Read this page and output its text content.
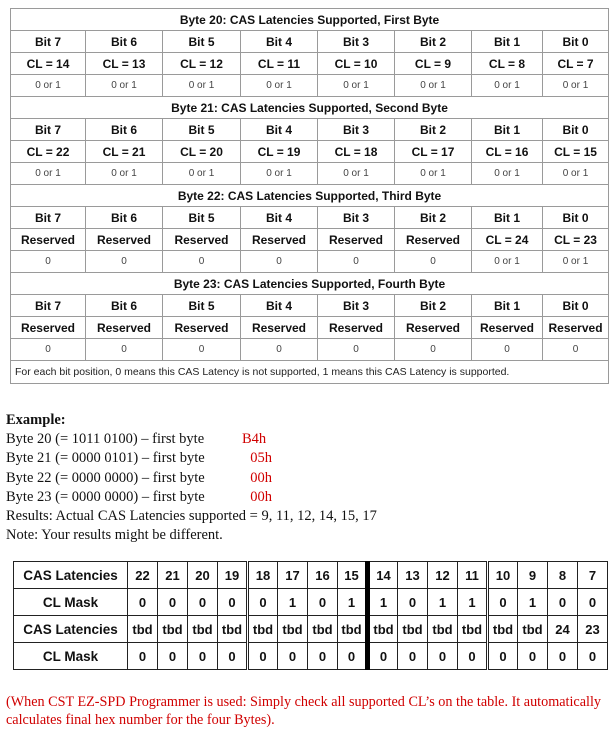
Byte 20: CAS Latencies Supported, First Byte							
Bit 7	Bit 6	Bit 5	Bit 4	Bit 3	Bit 2	Bit 1	Bit 0
CL = 14	CL = 13	CL = 12	CL = 11	CL = 10	CL = 9	CL = 8	CL = 7
0 or 1	0 or 1	0 or 1	0 or 1	0 or 1	0 or 1	0 or 1	0 or 1
Byte 21: CAS Latencies Supported, Second Byte							
Bit 7	Bit 6	Bit 5	Bit 4	Bit 3	Bit 2	Bit 1	Bit 0
CL = 22	CL = 21	CL = 20	CL = 19	CL = 18	CL = 17	CL = 16	CL = 15
0 or 1	0 or 1	0 or 1	0 or 1	0 or 1	0 or 1	0 or 1	0 or 1
Byte 22: CAS Latencies Supported, Third Byte							
Bit 7	Bit 6	Bit 5	Bit 4	Bit 3	Bit 2	Bit 1	Bit 0
Reserved	Reserved	Reserved	Reserved	Reserved	Reserved	CL = 24	CL = 23
0	0	0	0	0	0	0 or 1	0 or 1
Byte 23: CAS Latencies Supported, Fourth Byte							
Bit 7	Bit 6	Bit 5	Bit 4	Bit 3	Bit 2	Bit 1	Bit 0
Reserved	Reserved	Reserved	Reserved	Reserved	Reserved	Reserved	Reserved
0	0	0	0	0	0	0	0
For each bit position, 0 means this CAS Latency is not supported, 1 means this CAS Latency is supported.							
Example:
Byte 20 (= 1011 0100) – first byte	B4h
Byte 21 (= 0000 0101) – first byte	05h
Byte 22 (= 0000 0000) – first byte	00h
Byte 23 (= 0000 0000) – first byte	00h
Results: Actual CAS Latencies supported = 9, 11, 12, 14, 15, 17
Note: Your results might be different.
CAS Latencies	22	21	20	19	18	17	16	15	14	13	12	11	10	9	8	7
CL Mask	0	0	0	0	0	1	0	1	1	0	1	1	0	1	0	0
CAS Latencies	tbd	tbd	tbd	tbd	tbd	tbd	tbd	tbd	tbd	tbd	tbd	tbd	tbd	tbd	24	23
CL Mask	0	0	0	0	0	0	0	0	0	0	0	0	0	0	0	0
(When CST EZ-SPD Programmer is used: Simply check all supported CL’s on the table. It automatically calculates final hex number for the four Bytes).
